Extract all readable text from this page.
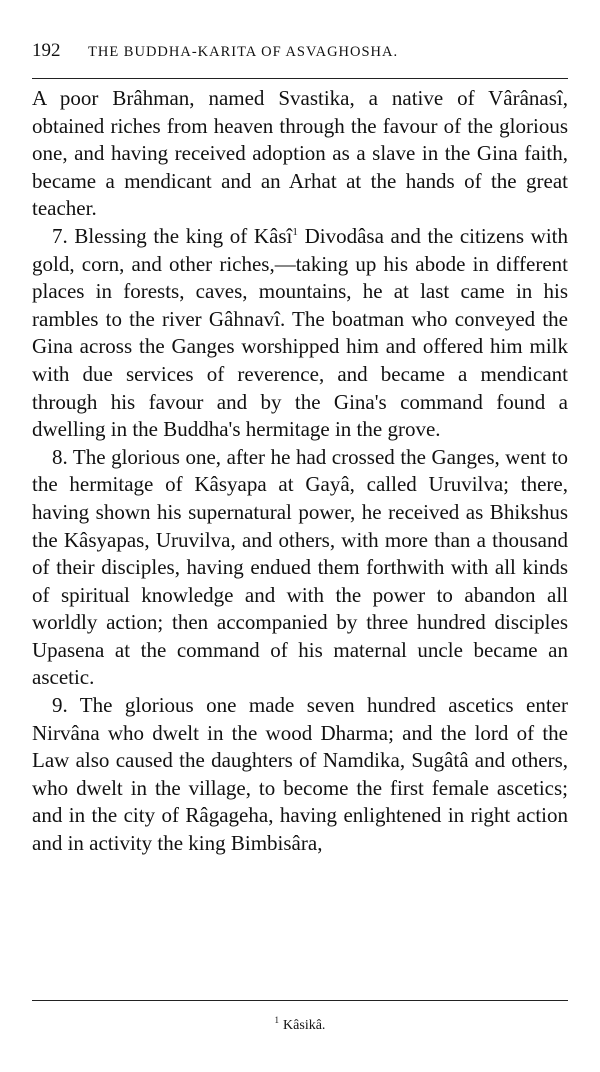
192	THE BUDDHA-KARITA OF ASVAGHOSHA.

A poor Brâhman, named Svastika, a native of Vârânasî, obtained riches from heaven through the favour of the glorious one, and having received adoption as a slave in the Gina faith, became a mendicant and an Arhat at the hands of the great teacher.

7. Blessing the king of Kâsî$^1$ Divodâsa and the citizens with gold, corn, and other riches,—taking up his abode in different places in forests, caves, mountains, he at last came in his rambles to the river Gâhnavî. The boatman who conveyed the Gina across the Ganges worshipped him and offered him milk with due services of reverence, and became a mendicant through his favour and by the Gina's command found a dwelling in the Buddha's hermitage in the grove.

8. The glorious one, after he had crossed the Ganges, went to the hermitage of Kâsyapa at Gayâ, called Uruvilva; there, having shown his supernatural power, he received as Bhikshus the Kâsyapas, Uruvilva, and others, with more than a thousand of their disciples, having endued them forthwith with all kinds of spiritual knowledge and with the power to abandon all worldly action; then accompanied by three hundred disciples Upasena at the command of his maternal uncle became an ascetic.

9. The glorious one made seven hundred ascetics enter Nirvâna who dwelt in the wood Dharma; and the lord of the Law also caused the daughters of Namdika, Sugâtâ and others, who dwelt in the village, to become the first female ascetics; and in the city of Râgageha, having enlightened in right action and in activity the king Bimbisâra,

$^1$ Kâsikâ.
